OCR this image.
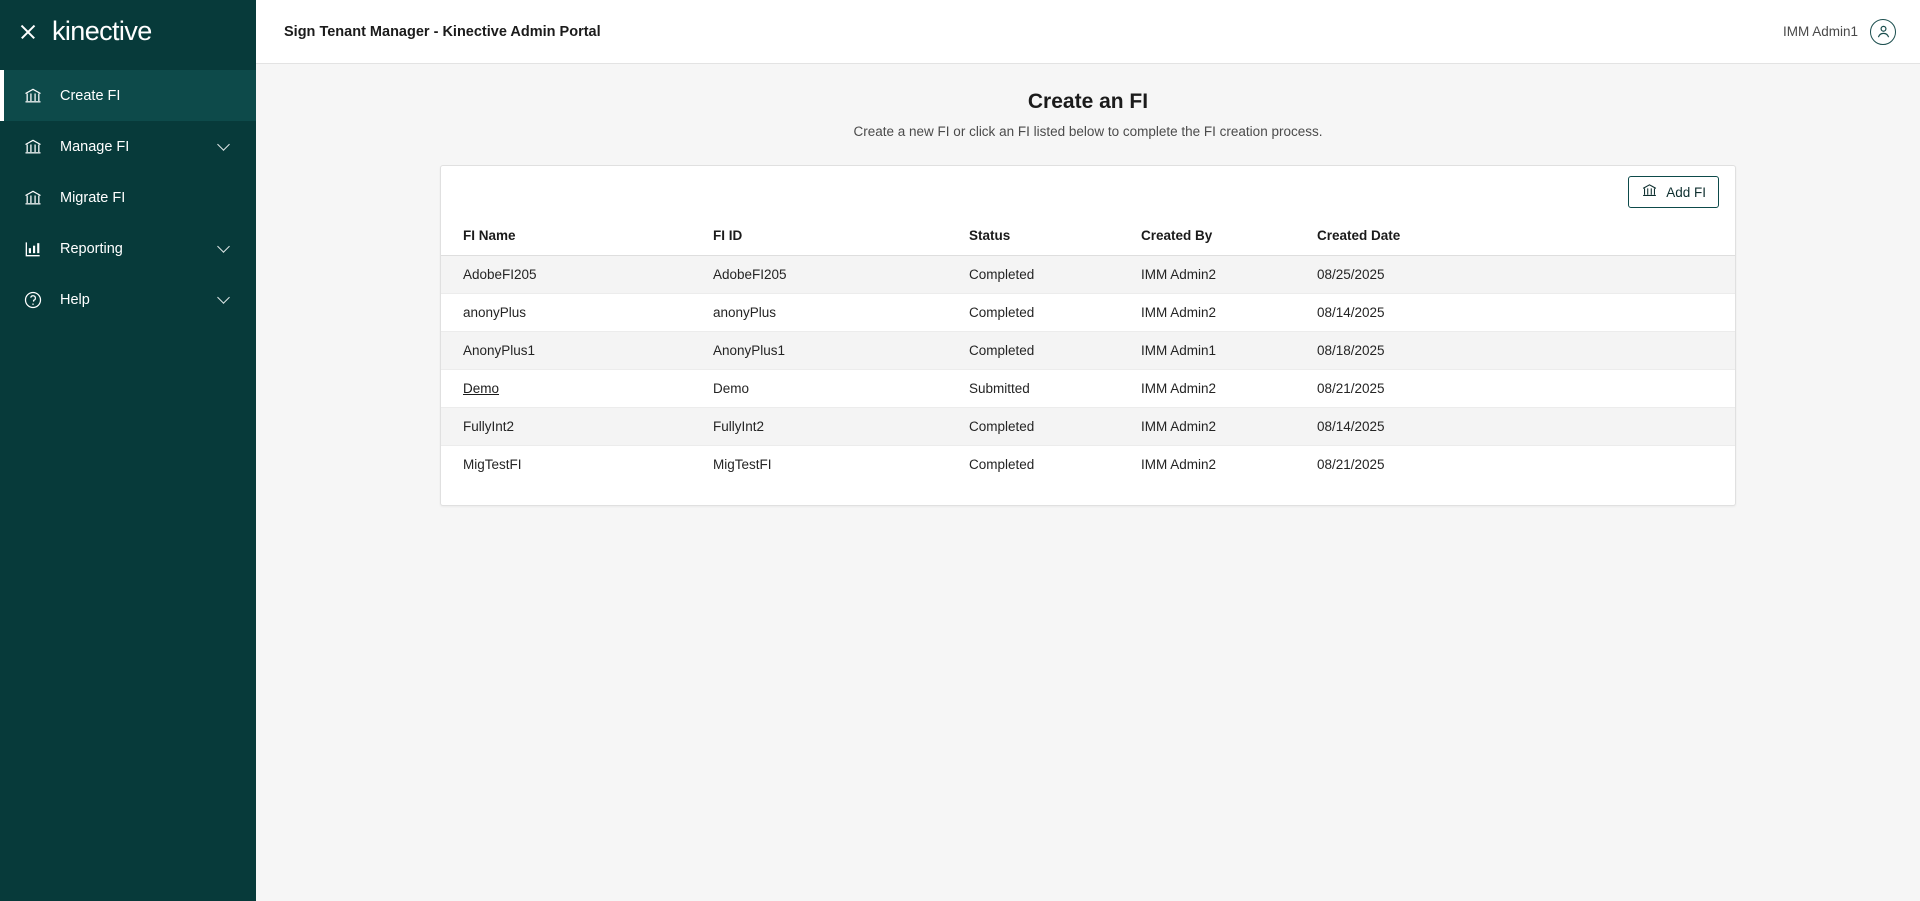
kinective
Create FI
Manage FI
Migrate FI
Reporting
Help
Sign Tenant Manager - Kinective Admin Portal	IMM Admin1
Create an FI

Create a new FI or click an FI listed below to complete the FI creation process.

Add FI
FI Name	FI ID	Status	Created By	Created Date
AdobeFI205	AdobeFI205	Completed	IMM Admin2	08/25/2025
anonyPlus	anonyPlus	Completed	IMM Admin2	08/14/2025
AnonyPlus1	AnonyPlus1	Completed	IMM Admin1	08/18/2025
Demo	Demo	Submitted	IMM Admin2	08/21/2025
FullyInt2	FullyInt2	Completed	IMM Admin2	08/14/2025
MigTestFI	MigTestFI	Completed	IMM Admin2	08/21/2025
